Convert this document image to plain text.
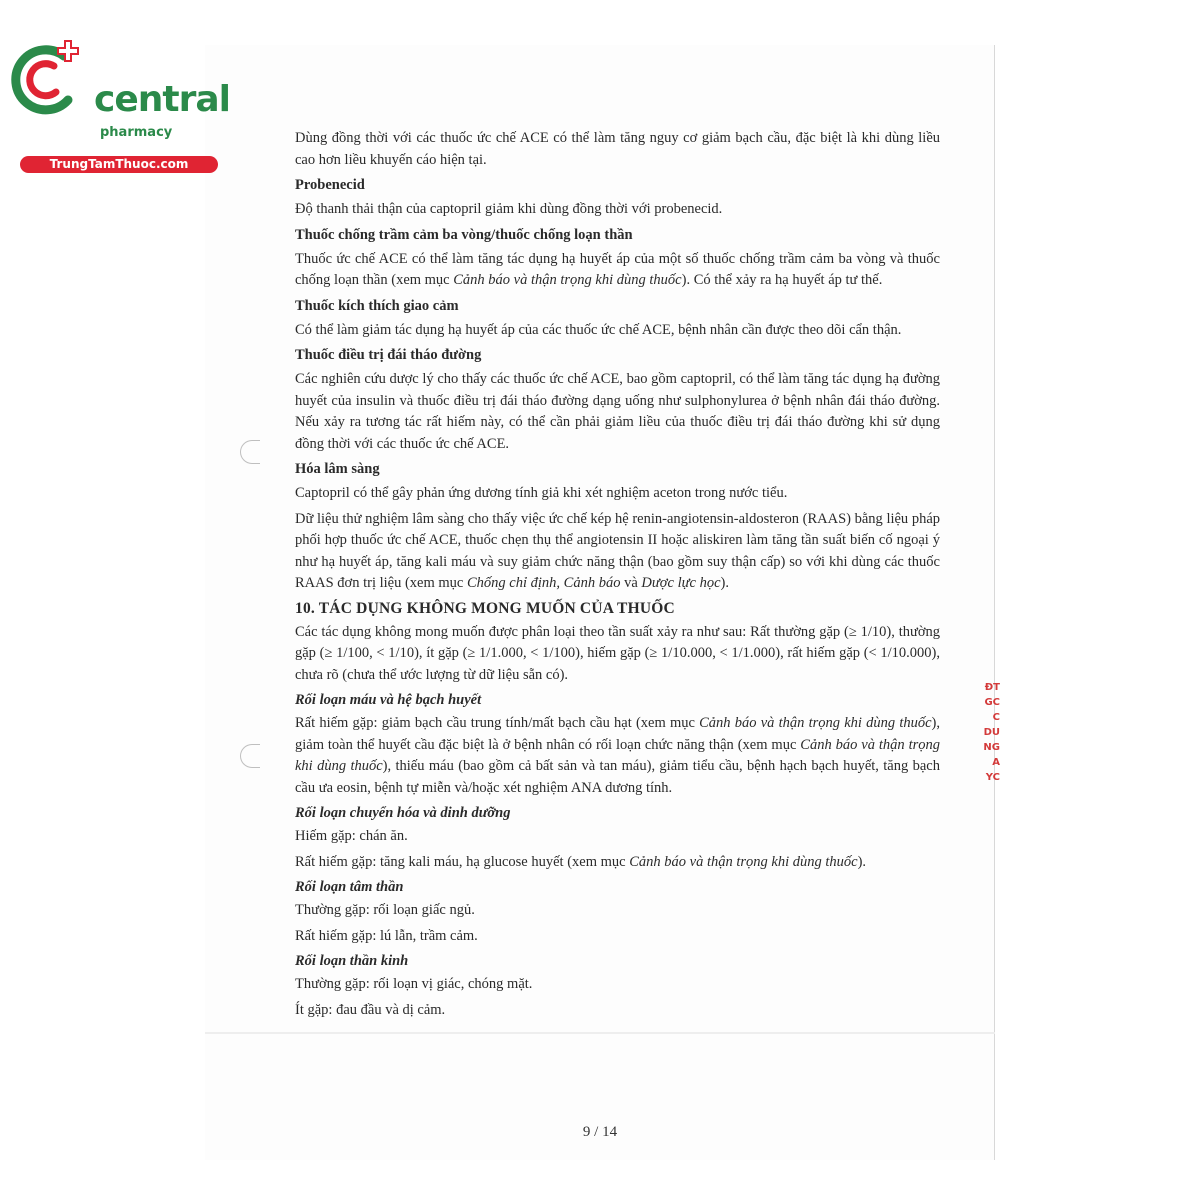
central
pharmacy
TrungTamThuoc.com

Dùng đồng thời với các thuốc ức chế ACE có thể làm tăng nguy cơ giảm bạch cầu, đặc biệt là khi dùng liều cao hơn liều khuyến cáo hiện tại.

Probenecid

Độ thanh thải thận của captopril giảm khi dùng đồng thời với probenecid.

Thuốc chống trầm cảm ba vòng/thuốc chống loạn thần

Thuốc ức chế ACE có thể làm tăng tác dụng hạ huyết áp của một số thuốc chống trầm cảm ba vòng và thuốc chống loạn thần (xem mục Cảnh báo và thận trọng khi dùng thuốc). Có thể xảy ra hạ huyết áp tư thế.

Thuốc kích thích giao cảm

Có thể làm giảm tác dụng hạ huyết áp của các thuốc ức chế ACE, bệnh nhân cần được theo dõi cẩn thận.

Thuốc điều trị đái tháo đường

Các nghiên cứu dược lý cho thấy các thuốc ức chế ACE, bao gồm captopril, có thể làm tăng tác dụng hạ đường huyết của insulin và thuốc điều trị đái tháo đường dạng uống như sulphonylurea ở bệnh nhân đái tháo đường. Nếu xảy ra tương tác rất hiếm này, có thể cần phải giảm liều của thuốc điều trị đái tháo đường khi sử dụng đồng thời với các thuốc ức chế ACE.

Hóa lâm sàng

Captopril có thể gây phản ứng dương tính giả khi xét nghiệm aceton trong nước tiểu.

Dữ liệu thử nghiệm lâm sàng cho thấy việc ức chế kép hệ renin-angiotensin-aldosteron (RAAS) bằng liệu pháp phối hợp thuốc ức chế ACE, thuốc chẹn thụ thể angiotensin II hoặc aliskiren làm tăng tần suất biến cố ngoại ý như hạ huyết áp, tăng kali máu và suy giảm chức năng thận (bao gồm suy thận cấp) so với khi dùng các thuốc RAAS đơn trị liệu (xem mục Chống chỉ định, Cảnh báo và Dược lực học).

10. TÁC DỤNG KHÔNG MONG MUỐN CỦA THUỐC

Các tác dụng không mong muốn được phân loại theo tần suất xảy ra như sau: Rất thường gặp (≥ 1/10), thường gặp (≥ 1/100, < 1/10), ít gặp (≥ 1/1.000, < 1/100), hiếm gặp (≥ 1/10.000, < 1/1.000), rất hiếm gặp (< 1/10.000), chưa rõ (chưa thể ước lượng từ dữ liệu sẵn có).

Rối loạn máu và hệ bạch huyết

Rất hiếm gặp: giảm bạch cầu trung tính/mất bạch cầu hạt (xem mục Cảnh báo và thận trọng khi dùng thuốc), giảm toàn thể huyết cầu đặc biệt là ở bệnh nhân có rối loạn chức năng thận (xem mục Cảnh báo và thận trọng khi dùng thuốc), thiếu máu (bao gồm cả bất sản và tan máu), giảm tiểu cầu, bệnh hạch bạch huyết, tăng bạch cầu ưa eosin, bệnh tự miễn và/hoặc xét nghiệm ANA dương tính.

Rối loạn chuyển hóa và dinh dưỡng

Hiếm gặp: chán ăn.

Rất hiếm gặp: tăng kali máu, hạ glucose huyết (xem mục Cảnh báo và thận trọng khi dùng thuốc).

Rối loạn tâm thần

Thường gặp: rối loạn giấc ngủ.

Rất hiếm gặp: lú lẫn, trầm cảm.

Rối loạn thần kinh

Thường gặp: rối loạn vị giác, chóng mặt.

Ít gặp: đau đầu và dị cảm.

ĐT
GC
C
DU
NG
A
YC
9 / 14
